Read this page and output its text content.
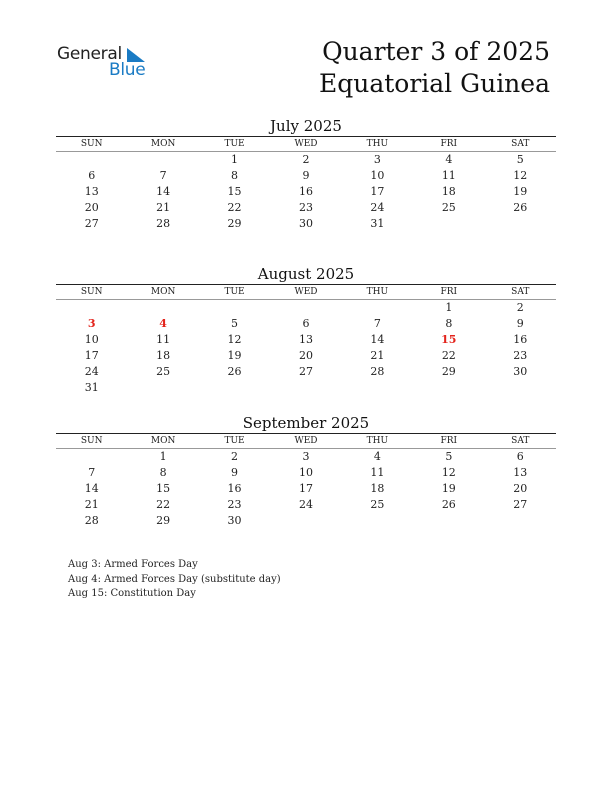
General
Blue
Quarter 3 of 2025
Equatorial Guinea
July 2025
SUN	MON	TUE	WED	THU	FRI	SAT
		1	2	3	4	5
6	7	8	9	10	11	12
13	14	15	16	17	18	19
20	21	22	23	24	25	26
27	28	29	30	31		
August 2025
SUN	MON	TUE	WED	THU	FRI	SAT
					1	2
3	4	5	6	7	8	9
10	11	12	13	14	15	16
17	18	19	20	21	22	23
24	25	26	27	28	29	30
31						
September 2025
SUN	MON	TUE	WED	THU	FRI	SAT
	1	2	3	4	5	6
7	8	9	10	11	12	13
14	15	16	17	18	19	20
21	22	23	24	25	26	27
28	29	30				
Aug 3: Armed Forces Day
Aug 4: Armed Forces Day (substitute day)
Aug 15: Constitution Day
